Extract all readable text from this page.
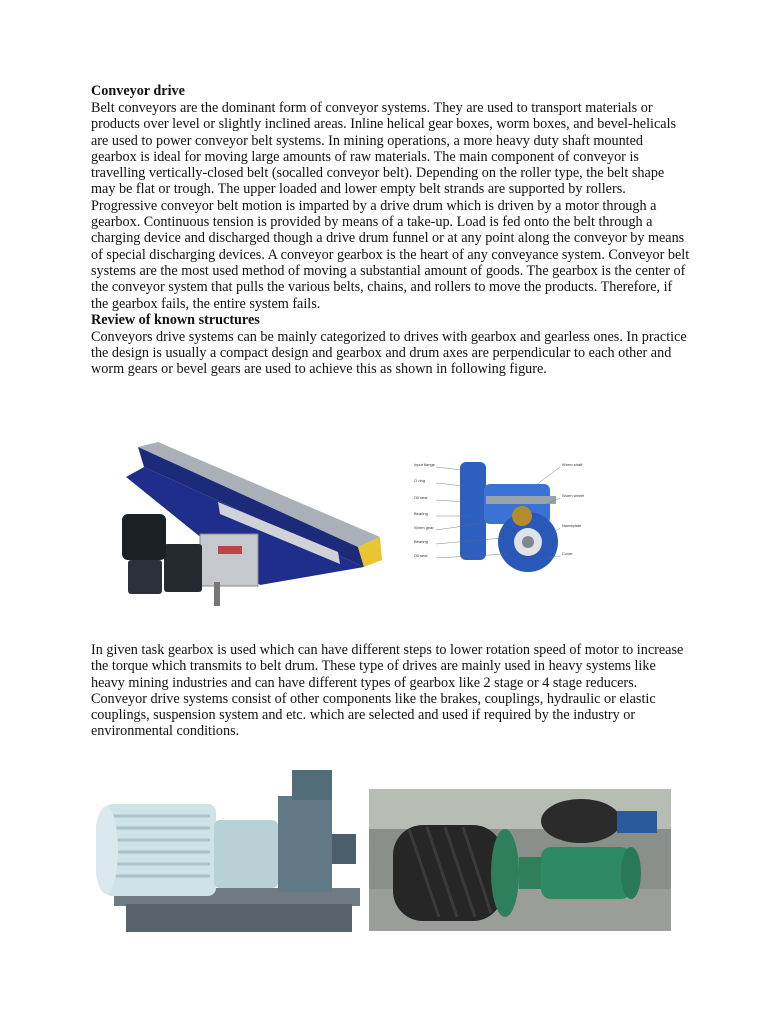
Conveyor drive

Belt conveyors are the dominant form of conveyor systems. They are used to transport materials or products over level or slightly inclined areas. Inline helical gear boxes, worm boxes, and bevel-helicals are used to power conveyor belt systems. In mining operations, a more heavy duty shaft mounted gearbox is ideal for moving large amounts of raw materials. The main component of conveyor is travelling vertically-closed belt (socalled conveyor belt). Depending on the roller type, the belt shape may be flat or trough. The upper loaded and lower empty belt strands are supported by rollers. Progressive conveyor belt motion is imparted by a drive drum which is driven by a motor through a gearbox. Continuous tension is provided by means of a take-up. Load is fed onto the belt through a charging device and discharged though a drive drum funnel or at any point along the conveyor by means of special discharging devices. A conveyor gearbox is the heart of any conveyance system. Conveyor belt systems are the most used method of moving a substantial amount of goods. The gearbox is the center of the conveyor system that pulls the various belts, chains, and rollers to move the products. Therefore, if the gearbox fails, the entire system fails.

Review of known structures

Conveyors drive systems can be mainly categorized to drives with gearbox and gearless ones. In practice the design is usually a compact design and gearbox and drum axes are perpendicular to each other and worm gears or bevel gears are used to achieve this as shown in following figure.

Input flange
O-ring
Oil seal
Bearing
Worm gear
Bearing
Oil seal
Worm shaft
Worm wheel
Nameplate
Cover

In given task gearbox is used which can have different steps to lower rotation speed of motor to increase the torque which transmits to belt drum. These type of drives are mainly used in heavy systems like heavy mining industries and can have different types of gearbox like 2 stage or 4 stage reducers. Conveyor drive systems consist of other components like the brakes, couplings, hydraulic or elastic couplings, suspension system and etc. which are selected and used if required by the industry or environmental conditions.
